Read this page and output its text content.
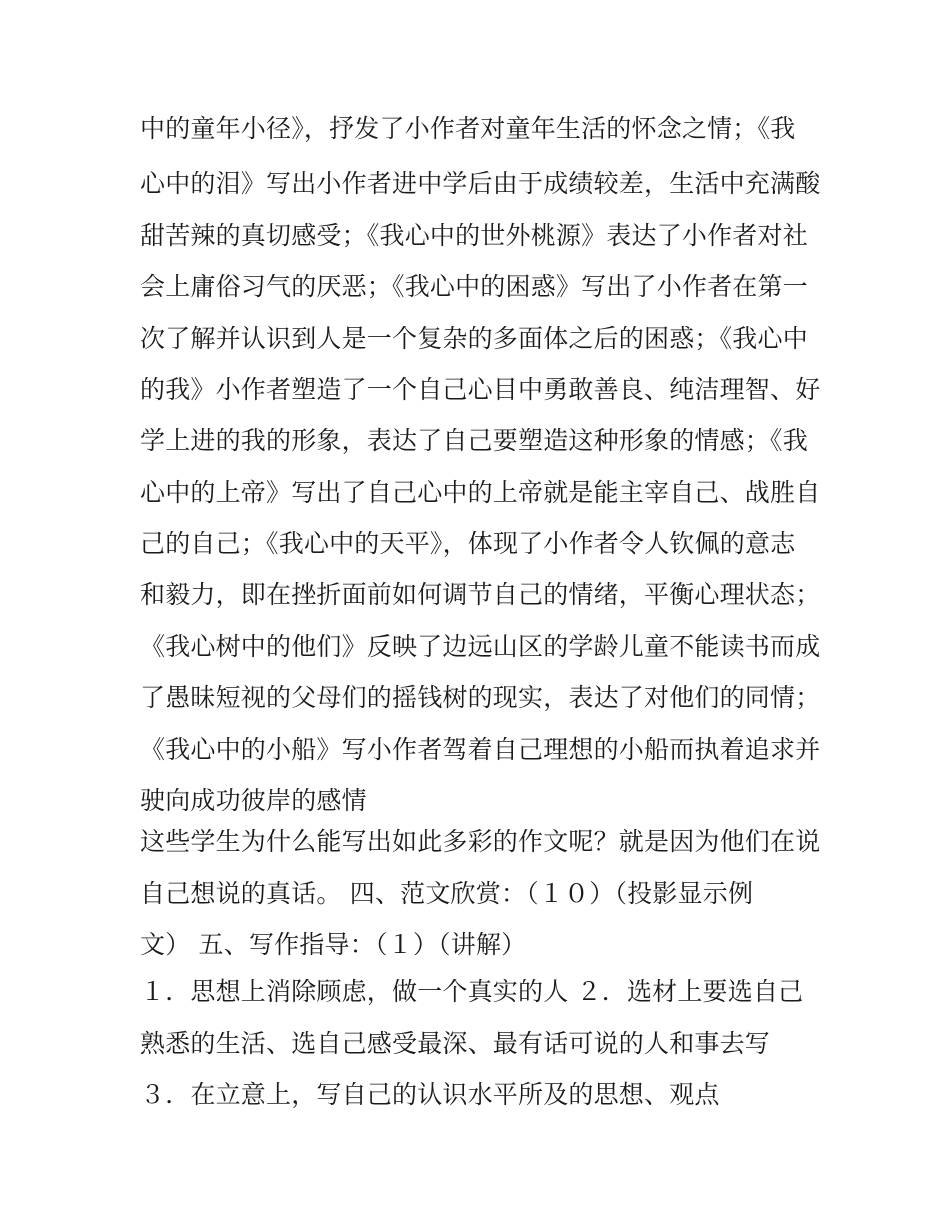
中的童年小径》，抒发了小作者对童年生活的怀念之情；《我
心中的泪》写出小作者进中学后由于成绩较差，生活中充满酸
甜苦辣的真切感受；《我心中的世外桃源》表达了小作者对社
会上庸俗习气的厌恶；《我心中的困惑》写出了小作者在第一
次了解并认识到人是一个复杂的多面体之后的困惑；《我心中
的我》小作者塑造了一个自己心目中勇敢善良、纯洁理智、好
学上进的我的形象，表达了自己要塑造这种形象的情感；《我
心中的上帝》写出了自己心中的上帝就是能主宰自己、战胜自
己的自己；《我心中的天平》，体现了小作者令人钦佩的意志
和毅力，即在挫折面前如何调节自己的情绪，平衡心理状态；
《我心树中的他们》反映了边远山区的学龄儿童不能读书而成
了愚昧短视的父母们的摇钱树的现实，表达了对他们的同情；
《我心中的小船》写小作者驾着自己理想的小船而执着追求并
驶向成功彼岸的感情
这些学生为什么能写出如此多彩的作文呢？就是因为他们在说
自己想说的真话。 四、范文欣赏：（１０）（投影显示例
文） 五、写作指导：（１）（讲解）
１．思想上消除顾虑，做一个真实的人 ２．选材上要选自己
熟悉的生活、选自己感受最深、最有话可说的人和事去写
３．在立意上，写自己的认识水平所及的思想、观点
